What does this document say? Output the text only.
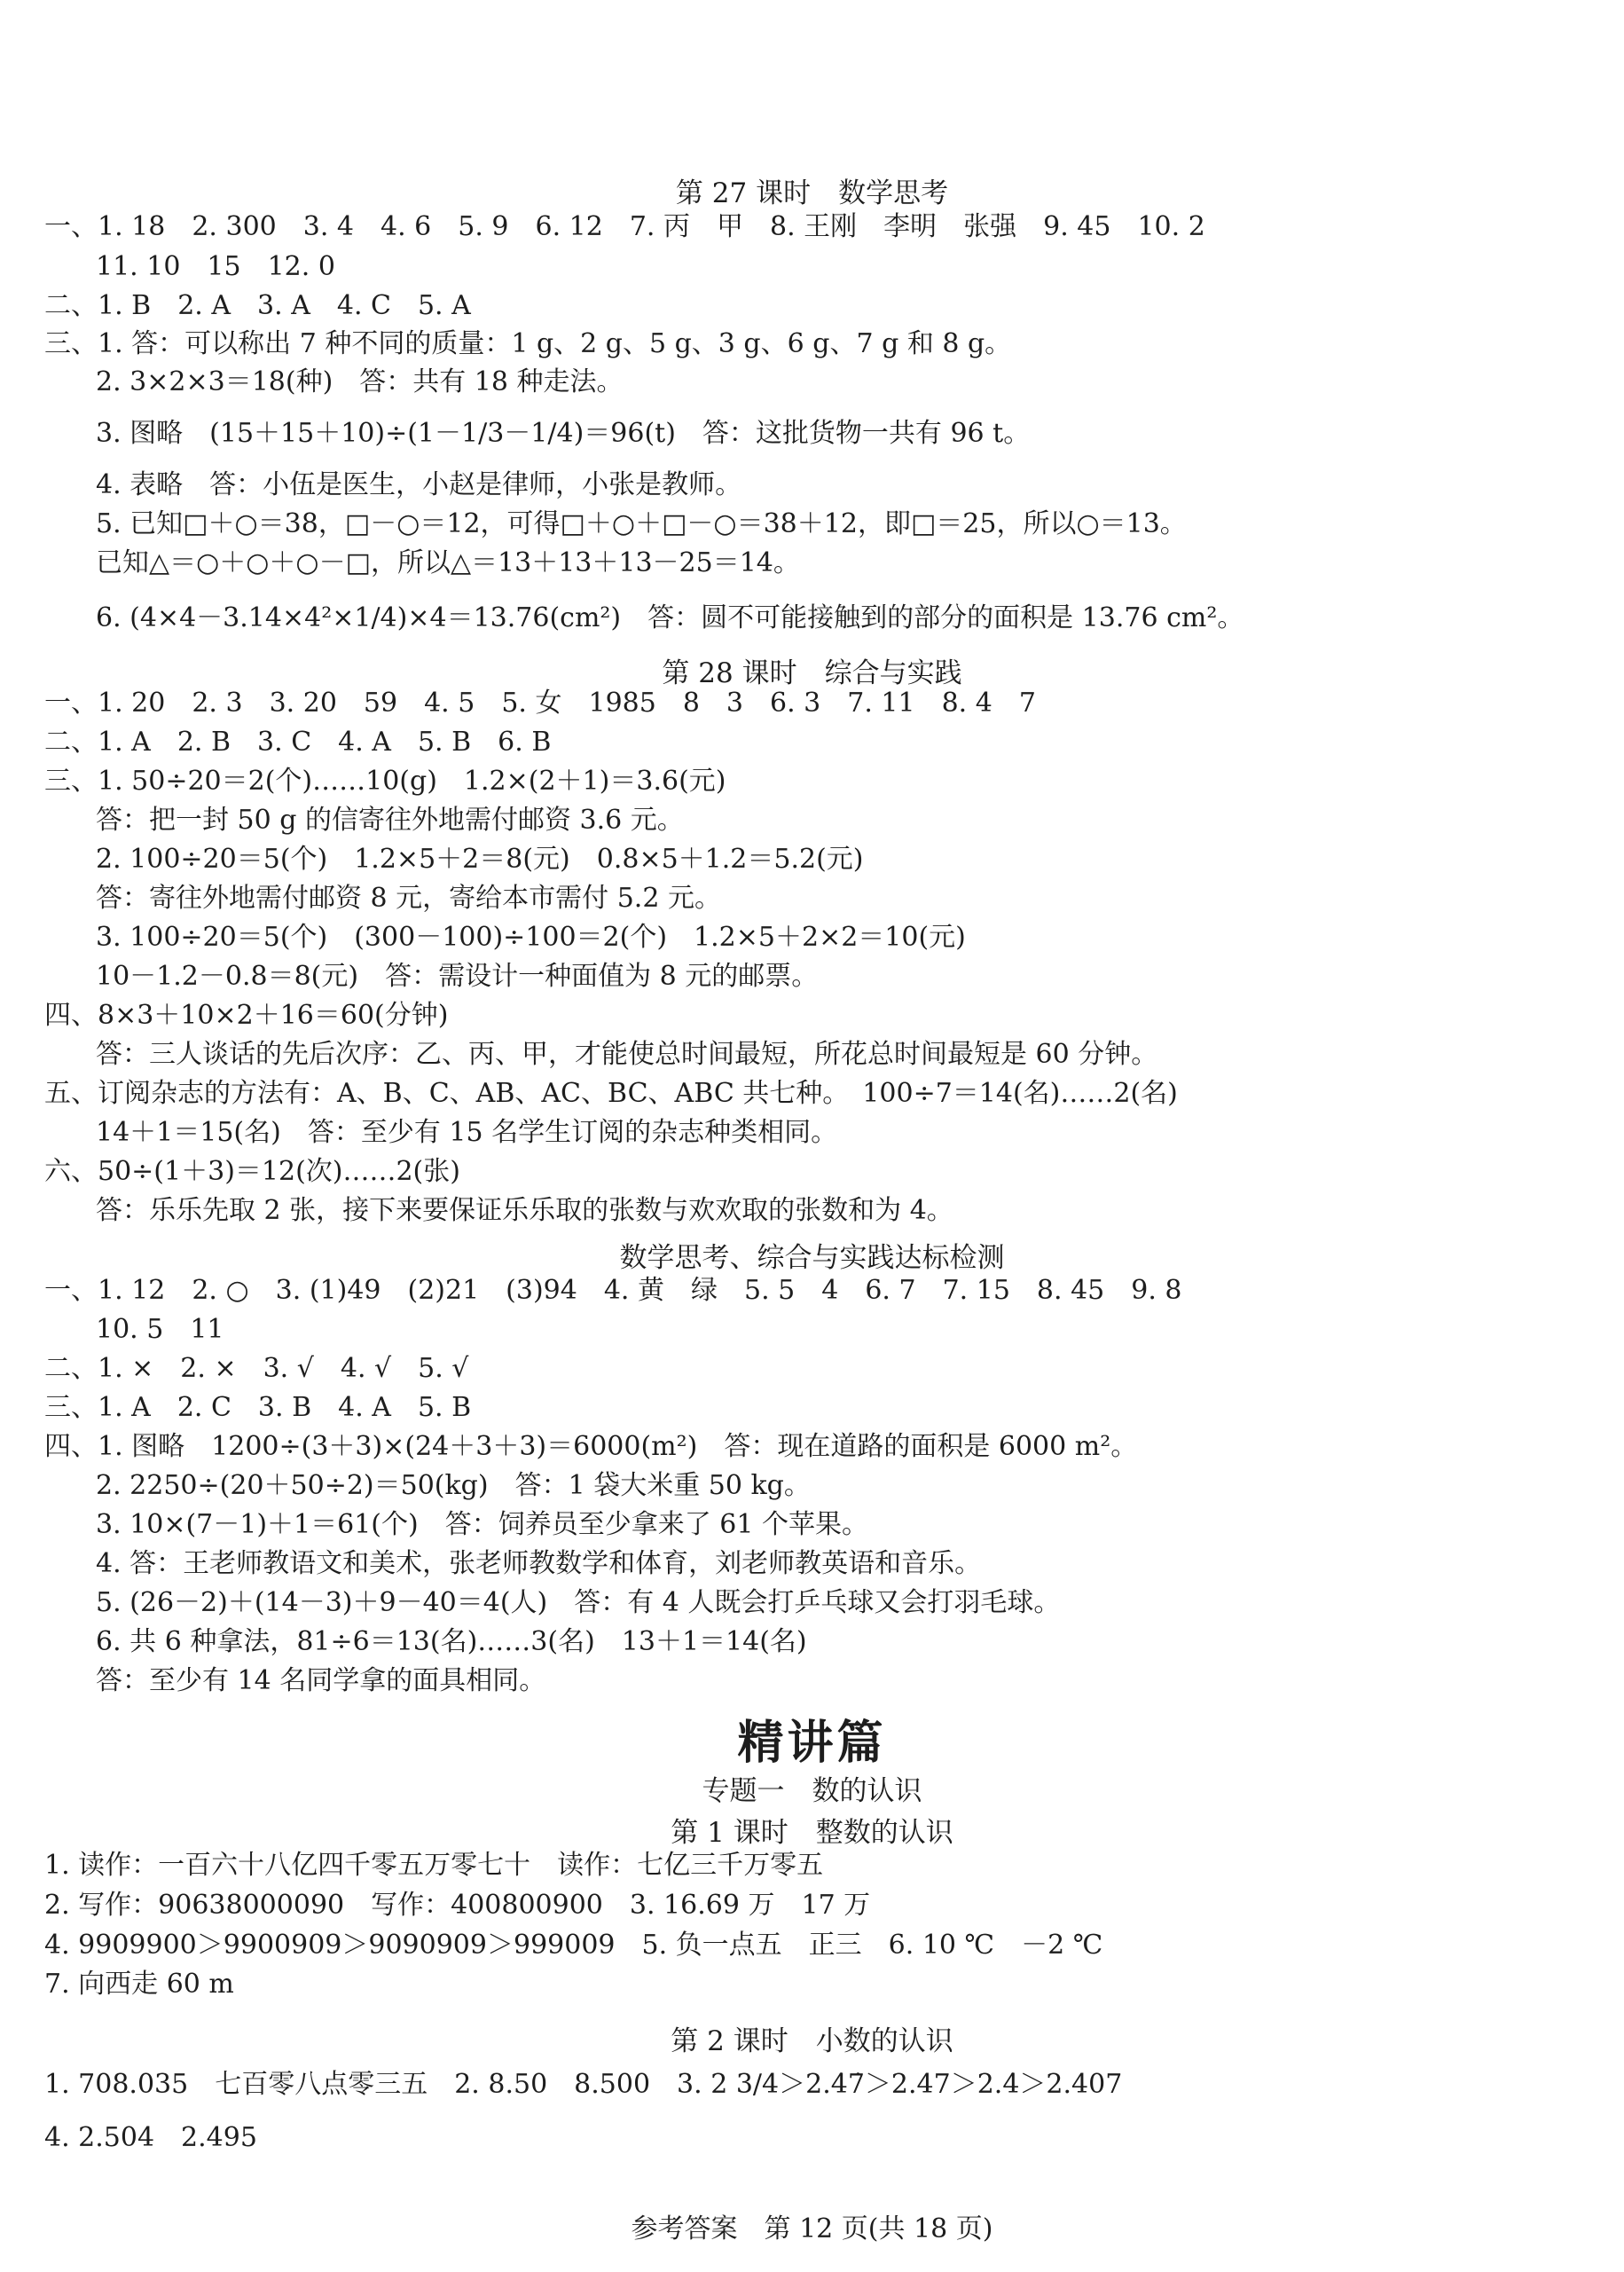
第 27 课时　数学思考
一、1. 18　2. 300　3. 4　4. 6　5. 9　6. 12　7. 丙　甲　8. 王刚　李明　张强　9. 45　10. 2
11. 10　15　12. 0
二、1. B　2. A　3. A　4. C　5. A
三、1. 答：可以称出 7 种不同的质量：1 g、2 g、5 g、3 g、6 g、7 g 和 8 g。
2. 3×2×3＝18(种)　答：共有 18 种走法。
3. 图略　(15＋15＋10)÷(1－1/3－1/4)＝96(t)　答：这批货物一共有 96 t。
4. 表略　答：小伍是医生，小赵是律师，小张是教师。
5. 已知□＋○＝38，□－○＝12，可得□＋○＋□－○＝38＋12，即□＝25，所以○＝13。
已知△＝○＋○＋○－□，所以△＝13＋13＋13－25＝14。
6. (4×4－3.14×4²×1/4)×4＝13.76(cm²)　答：圆不可能接触到的部分的面积是 13.76 cm²。
第 28 课时　综合与实践
一、1. 20　2. 3　3. 20　59　4. 5　5. 女　1985　8　3　6. 3　7. 11　8. 4　7
二、1. A　2. B　3. C　4. A　5. B　6. B
三、1. 50÷20＝2(个)……10(g)　1.2×(2＋1)＝3.6(元)
答：把一封 50 g 的信寄往外地需付邮资 3.6 元。
2. 100÷20＝5(个)　1.2×5＋2＝8(元)　0.8×5＋1.2＝5.2(元)
答：寄往外地需付邮资 8 元，寄给本市需付 5.2 元。
3. 100÷20＝5(个)　(300－100)÷100＝2(个)　1.2×5＋2×2＝10(元)
10－1.2－0.8＝8(元)　答：需设计一种面值为 8 元的邮票。
四、8×3＋10×2＋16＝60(分钟)
答：三人谈话的先后次序：乙、丙、甲，才能使总时间最短，所花总时间最短是 60 分钟。
五、订阅杂志的方法有：A、B、C、AB、AC、BC、ABC 共七种。　100÷7＝14(名)……2(名)
14＋1＝15(名)　答：至少有 15 名学生订阅的杂志种类相同。
六、50÷(1＋3)＝12(次)……2(张)
答：乐乐先取 2 张，接下来要保证乐乐取的张数与欢欢取的张数和为 4。
数学思考、综合与实践达标检测
一、1. 12　2. ○　3. (1)49　(2)21　(3)94　4. 黄　绿　5. 5　4　6. 7　7. 15　8. 45　9. 8
10. 5　11
二、1. ×　2. ×　3. √　4. √　5. √
三、1. A　2. C　3. B　4. A　5. B
四、1. 图略　1200÷(3＋3)×(24＋3＋3)＝6000(m²)　答：现在道路的面积是 6000 m²。
2. 2250÷(20＋50÷2)＝50(kg)　答：1 袋大米重 50 kg。
3. 10×(7－1)＋1＝61(个)　答：饲养员至少拿来了 61 个苹果。
4. 答：王老师教语文和美术，张老师教数学和体育，刘老师教英语和音乐。
5. (26－2)＋(14－3)＋9－40＝4(人)　答：有 4 人既会打乒乓球又会打羽毛球。
6. 共 6 种拿法，81÷6＝13(名)……3(名)　13＋1＝14(名)
答：至少有 14 名同学拿的面具相同。
精讲篇
专题一　数的认识
第 1 课时　整数的认识
1. 读作：一百六十八亿四千零五万零七十　读作：七亿三千万零五
2. 写作：90638000090　写作：400800900　3. 16.69 万　17 万
4. 9909900＞9900909＞9090909＞999009　5. 负一点五　正三　6. 10 ℃　－2 ℃
7. 向西走 60 m
第 2 课时　小数的认识
1. 708.035　七百零八点零三五　2. 8.50　8.500　3. 2 3/4＞2.4̇7̇＞2.47＞2.4̇＞2.407
4. 2.504　2.495
参考答案　第 12 页(共 18 页)
